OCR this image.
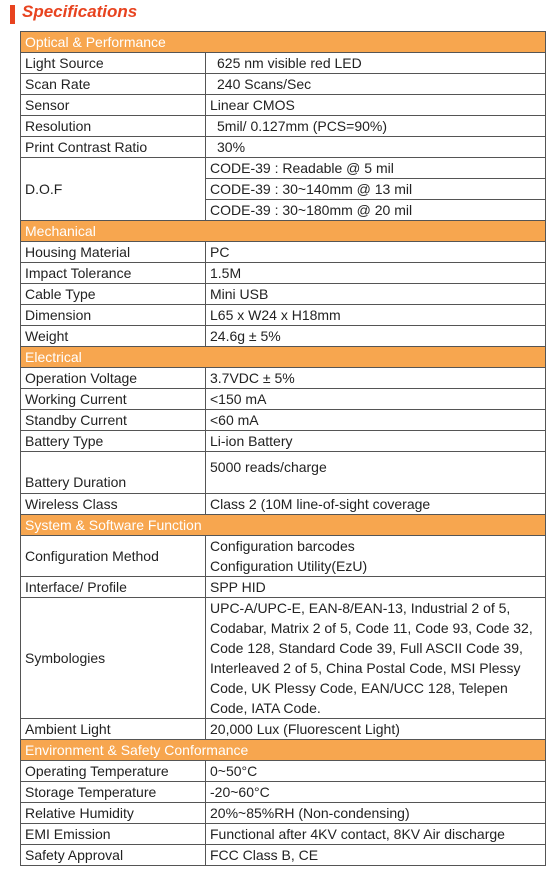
Specifications
Optical & Performance	
Light Source	625 nm visible red LED
Scan Rate	240 Scans/Sec
Sensor	Linear CMOS
Resolution	5mil/ 0.127mm (PCS=90%)
Print Contrast Ratio	30%
D.O.F	CODE-39 : Readable @ 5 mil
	CODE-39 : 30~140mm @ 13 mil
	CODE-39 : 30~180mm @ 20 mil
Mechanical	
Housing Material	PC
Impact Tolerance	1.5M
Cable Type	Mini USB
Dimension	L65 x W24 x H18mm
Weight	24.6g ± 5%
Electrical	
Operation Voltage	3.7VDC ± 5%
Working Current	<150 mA
Standby Current	<60 mA
Battery Type	Li-ion Battery
Battery Duration	5000 reads/charge
Wireless Class	Class 2 (10M line-of-sight coverage
System & Software Function	
Configuration Method	Configuration barcodes
Configuration Utility(EzU)

Interface/ Profile	SPP HID
Symbologies	UPC-A/UPC-E, EAN-8/EAN-13, Industrial 2 of 5, Codabar, Matrix 2 of 5, Code 11, Code 93, Code 32, Code 128, Standard Code 39, Full ASCII Code 39, Interleaved 2 of 5, China Postal Code, MSI Plessy Code, UK Plessy Code, EAN/UCC 128, Telepen Code, IATA Code.
Ambient Light	20,000 Lux (Fluorescent Light)
Environment & Safety Conformance	
Operating Temperature	0~50°C
Storage Temperature	-20~60°C
Relative Humidity	20%~85%RH (Non-condensing)
EMI Emission	Functional after 4KV contact, 8KV Air discharge
Safety Approval	FCC Class B, CE
